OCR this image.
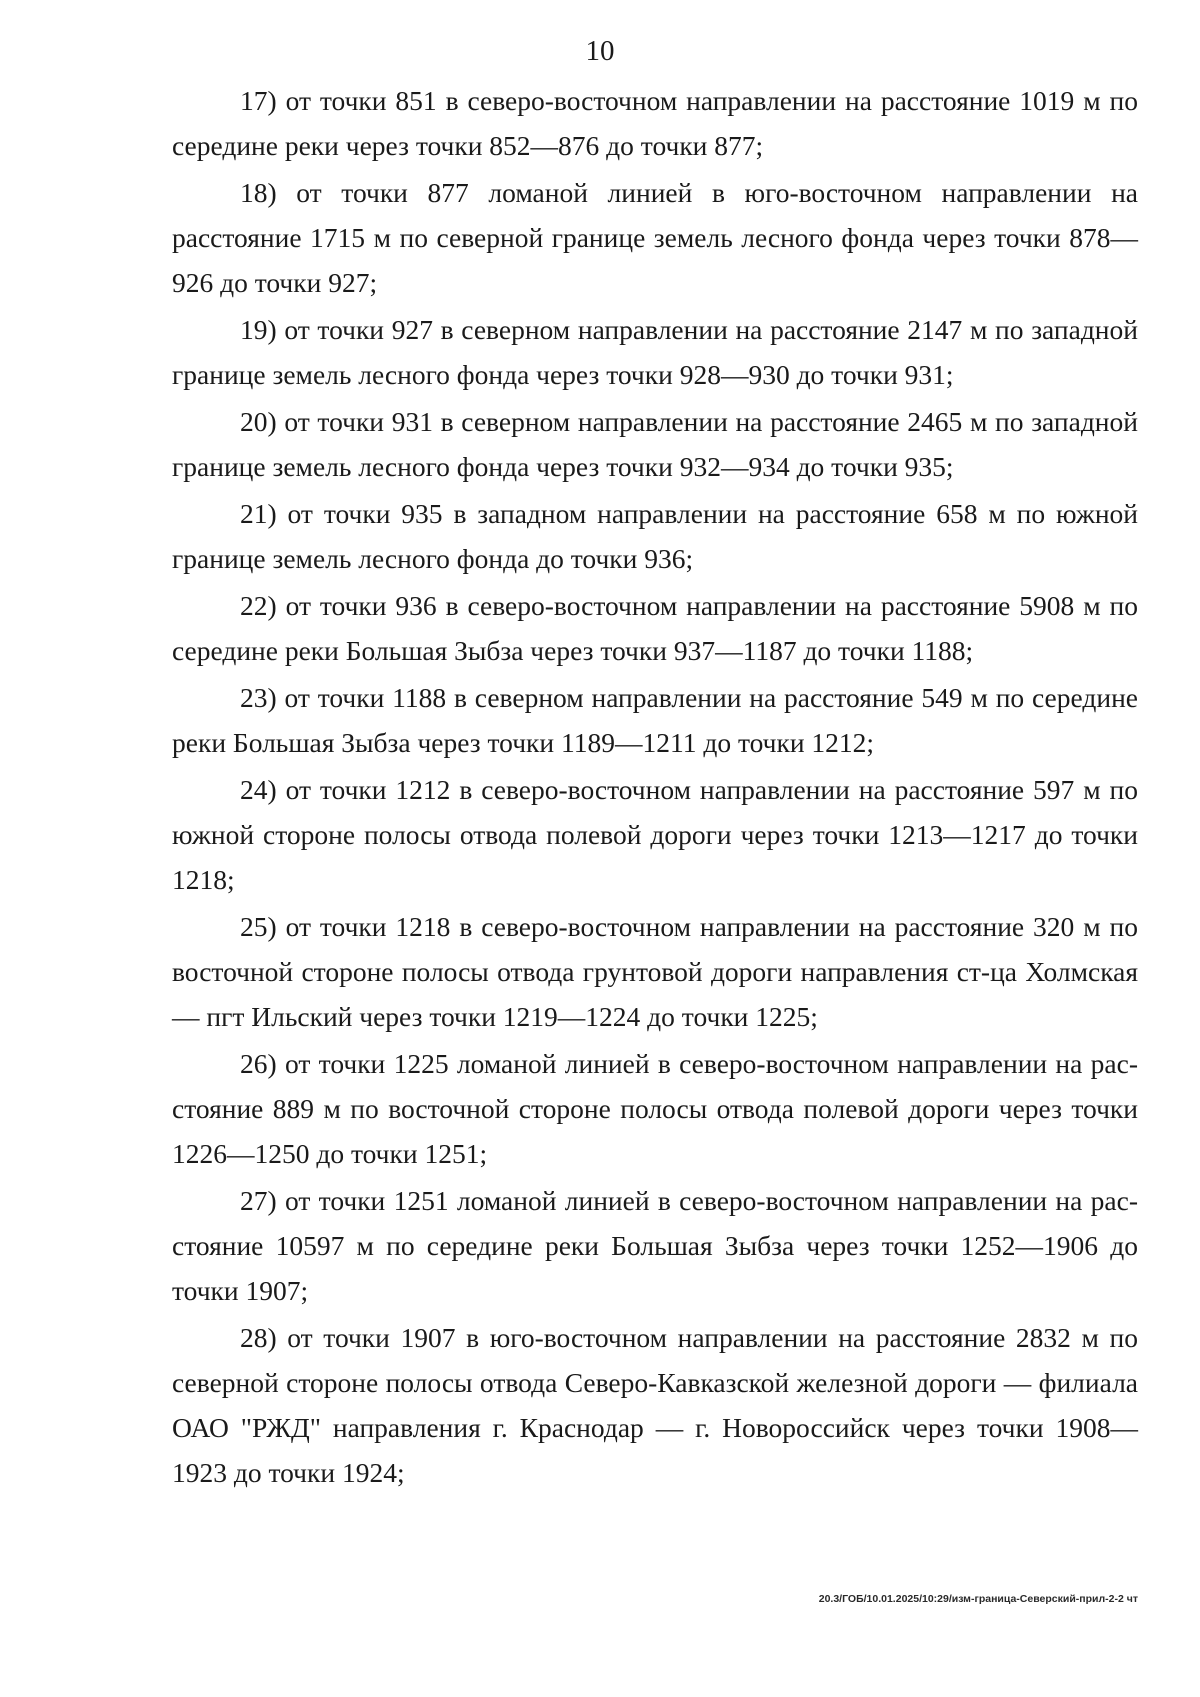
10

17) от точки 851 в северо-восточном направлении на расстояние 1019 м по середине реки через точки 852—876 до точки 877;

18) от точки 877 ломаной линией в юго-восточном направлении на расстояние 1715 м по северной границе земель лесного фонда через точки 878—926 до точки 927;

19) от точки 927 в северном направлении на расстояние 2147 м по западной границе земель лесного фонда через точки 928—930 до точки 931;

20) от точки 931 в северном направлении на расстояние 2465 м по западной границе земель лесного фонда через точки 932—934 до точки 935;

21) от точки 935 в западном направлении на расстояние 658 м по южной границе земель лесного фонда до точки 936;

22) от точки 936 в северо-восточном направлении на расстояние 5908 м по середине реки Большая Зыбза через точки 937—1187 до точки 1188;

23) от точки 1188 в северном направлении на расстояние 549 м по середине реки Большая Зыбза через точки 1189—1211 до точки 1212;

24) от точки 1212 в северо-восточном направлении на расстояние 597 м по южной стороне полосы отвода полевой дороги через точки 1213—1217 до точки 1218;

25) от точки 1218 в северо-восточном направлении на расстояние 320 м по восточной стороне полосы отвода грунтовой дороги направления ст-ца Холмская — пгт Ильский через точки 1219—1224 до точки 1225;

26) от точки 1225 ломаной линией в северо-восточном направлении на расстояние 889 м по восточной стороне полосы отвода полевой дороги через точки 1226—1250 до точки 1251;

27) от точки 1251 ломаной линией в северо-восточном направлении на расстояние 10597 м по середине реки Большая Зыбза через точки 1252—1906 до точки 1907;

28) от точки 1907 в юго-восточном направлении на расстояние 2832 м по северной стороне полосы отвода Северо-Кавказской железной дороги — филиала ОАО "РЖД" направления г. Краснодар — г. Новороссийск через точки 1908—1923 до точки 1924;

20.3/ГОБ/10.01.2025/10:29/изм-граница-Северский-прил-2-2 чт
